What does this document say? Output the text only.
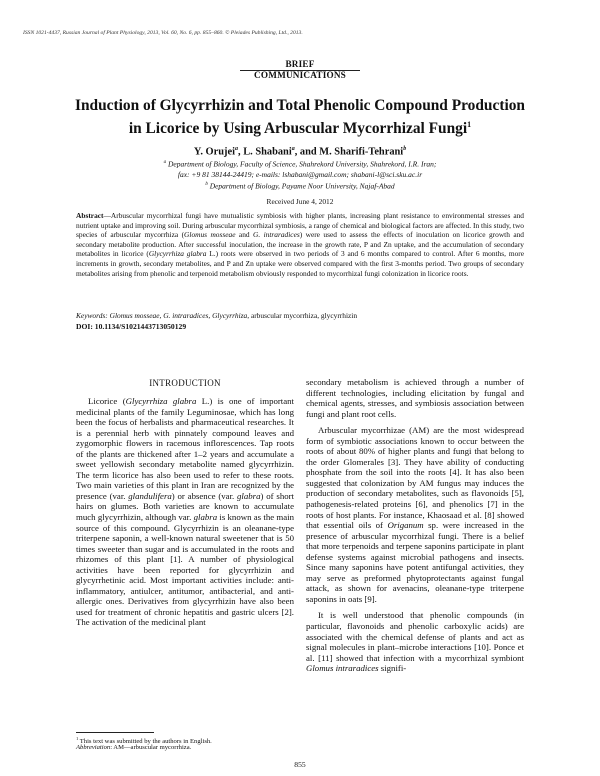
ISSN 1021-4437, Russian Journal of Plant Physiology, 2013, Vol. 60, No. 6, pp. 855–860. © Pleiades Publishing, Ltd., 2013.
BRIEF
COMMUNICATIONS
Induction of Glycyrrhizin and Total Phenolic Compound Production
in Licorice by Using Arbuscular Mycorrhizal Fungi$^1$
Y. Orujei$^a$, L. Shabani$^a$, and M. Sharifi-Tehrani$^b$
$^a$ Department of Biology, Faculty of Science, Shahrekord University, Shahrekord, I.R. Iran;
fax: +9 81 38144-24419; e-mails: lshabani@gmail.com; shabani-l@sci.sku.ac.ir
$^b$ Department of Biology, Payame Noor University, Najaf-Abad
Received June 4, 2012
Abstract—Arbuscular mycorrhizal fungi have mutualistic symbiosis with higher plants, increasing plant resistance to environmental stresses and nutrient uptake and improving soil. During arbuscular mycorrhizal symbiosis, a range of chemical and biological factors are affected. In this study, two species of arbuscular mycorrhiza (Glomus mosseae and G. intraradices) were used to assess the effects of inoculation on licorice growth and secondary metabolite production. After successful inoculation, the increase in the growth rate, P and Zn uptake, and the accumulation of secondary metabolites in licorice (Glycyrrhiza glabra L.) roots were observed in two periods of 3 and 6 months compared to control. After 6 months, more increments in growth, secondary metabolites, and P and Zn uptake were observed compared with the first 3-months period. Two groups of secondary metabolites arising from phenolic and terpenoid metabolism obviously responded to mycorrhizal fungi colonization in licorice roots.
Keywords: Glomus mosseae, G. intraradices, Glycyrrhiza, arbuscular mycorrhiza, glycyrrhizin
DOI: 10.1134/S1021443713050129
INTRODUCTION

Licorice (Glycyrrhiza glabra L.) is one of important medicinal plants of the family Leguminosae, which has long been the focus of herbalists and pharmaceutical researches. It is a perennial herb with pinnately compound leaves and zygomorphic flowers in racemous inflorescences. Tap roots of the plants are thickened after 1–2 years and accumulate a sweet yellowish secondary metabolite named glycyrrhizin. The term licorice has also been used to refer to these roots. Two main varieties of this plant in Iran are recognized by the presence (var. glandulifera) or absence (var. glabra) of short hairs on glumes. Both varieties are known to accumulate much glycyrrhizin, although var. glabra is known as the main source of this compound. Glycyrrhizin is an oleanane-type triterpene saponin, a well-known natural sweetener that is 50 times sweeter than sugar and is accumulated in the roots and rhizomes of this plant [1]. A number of physiological activities have been reported for glycyrrhizin and glycyrrhetinic acid. Most important activities include: anti-inflammatory, antiulcer, antitumor, antibacterial, and anti-allergic ones. Derivatives from glycyrrhizin have also been used for treatment of chronic hepatitis and gastric ulcers [2]. The activation of the medicinal plant

secondary metabolism is achieved through a number of different technologies, including elicitation by fungal and chemical agents, stresses, and symbiosis association between fungi and plant root cells.

Arbuscular mycorrhizae (AM) are the most widespread form of symbiotic associations known to occur between the roots of about 80% of higher plants and fungi that belong to the order Glomerales [3]. They have ability of conducting phosphate from the soil into the roots [4]. It has also been suggested that colonization by AM fungus may induces the production of secondary metabolites, such as flavonoids [5], pathogenesis-related proteins [6], and phenolics [7] in the roots of host plants. For instance, Khaosaad et al. [8] showed that essential oils of Origanum sp. were increased in the presence of arbuscular mycorrhizal fungi. There is a belief that more terpenoids and terpene saponins participate in plant defense systems against microbial pathogens and insects. Since many saponins have potent antifungal activities, they may serve as preformed phytoprotectants against fungal attack, as shown for avenacins, oleanane-type triterpene saponins in oats [9].

It is well understood that phenolic compounds (in particular, flavonoids and phenolic carboxylic acids) are associated with the chemical defense of plants and act as signal molecules in plant–microbe interactions [10]. Ponce et al. [11] showed that infection with a mycorrhizal symbiont Glomus intraradices signifi-

$^1$ This text was submitted by the authors in English.
Abbreviation: AM—arbuscular mycorrhiza.
855
